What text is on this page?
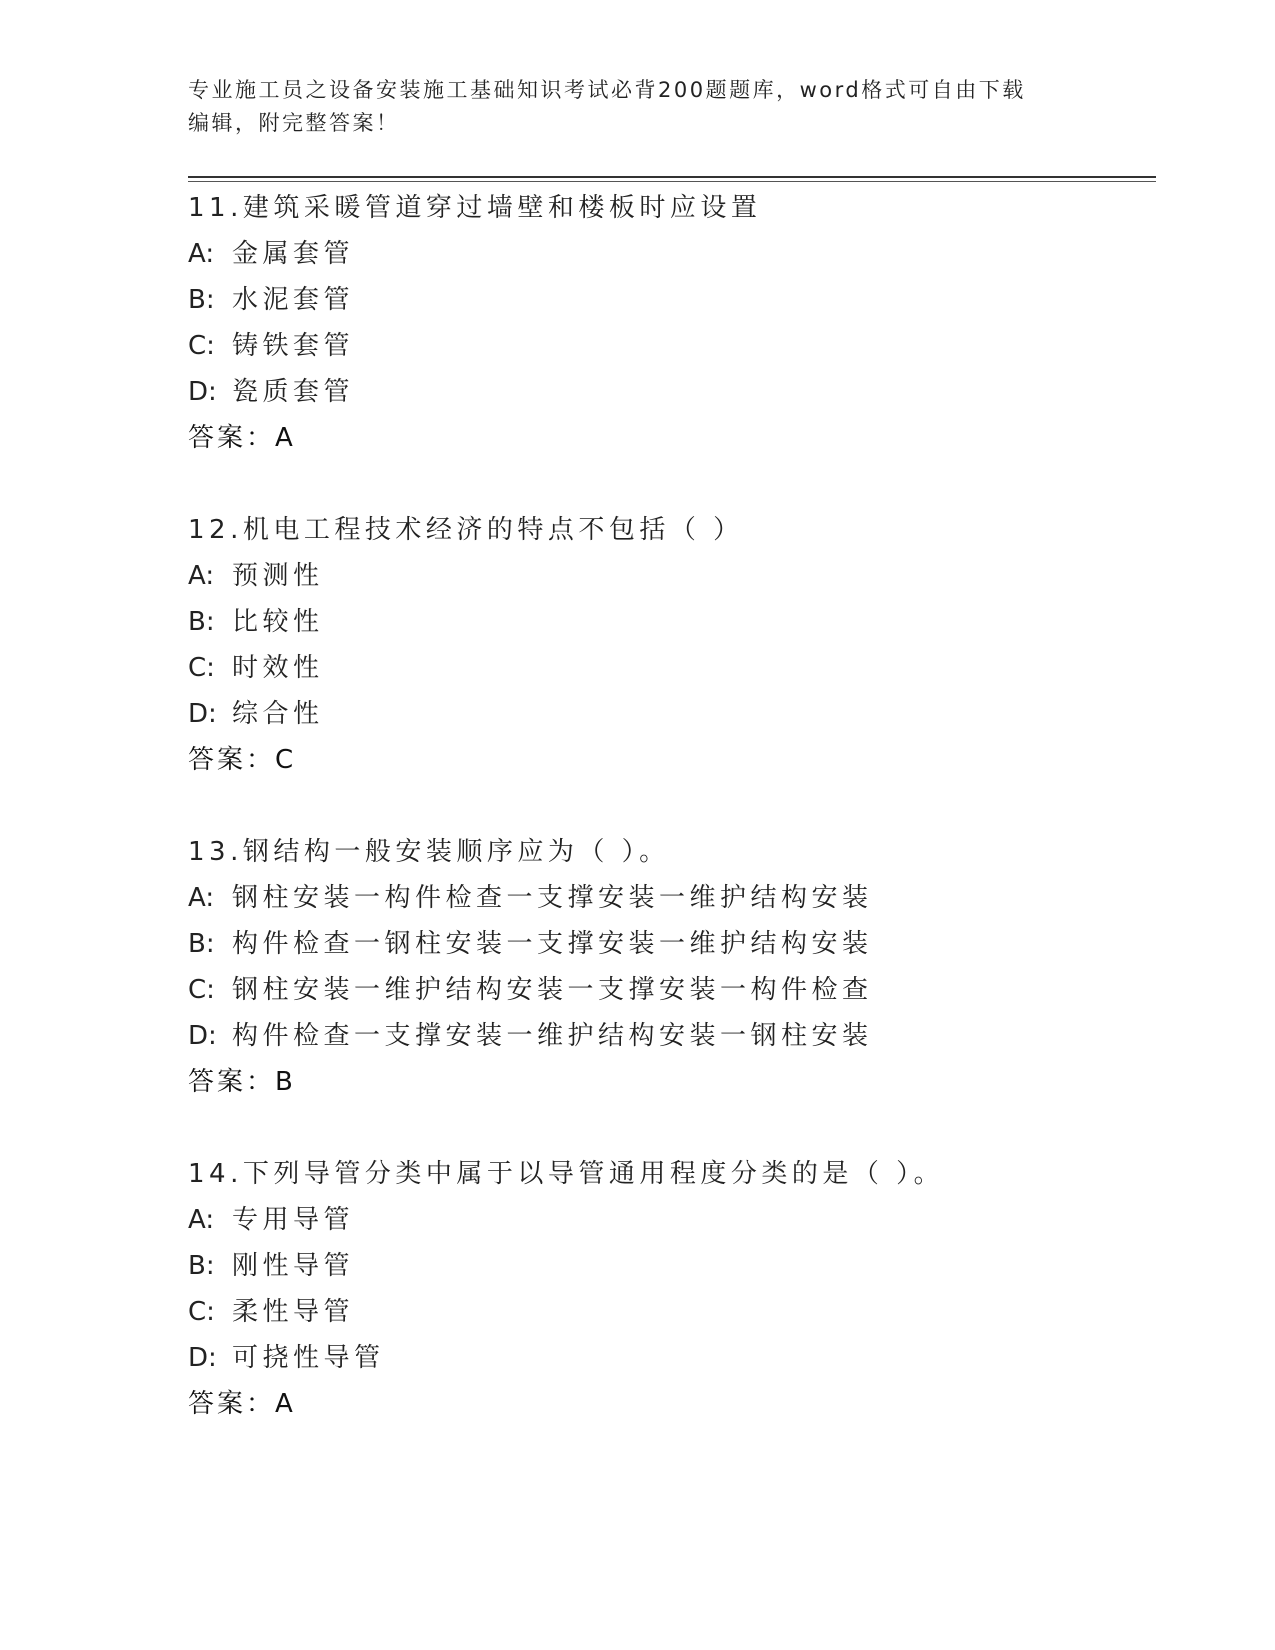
专业施工员之设备安装施工基础知识考试必背200题题库，word格式可自由下载
编辑，附完整答案！
11.建筑采暖管道穿过墙壁和楼板时应设置
A: 金属套管
B: 水泥套管
C: 铸铁套管
D: 瓷质套管
答案：A
12.机电工程技术经济的特点不包括（ ）
A: 预测性
B: 比较性
C: 时效性
D: 综合性
答案：C
13.钢结构一般安装顺序应为（ ）。
A: 钢柱安装一构件检查一支撑安装一维护结构安装
B: 构件检查一钢柱安装一支撑安装一维护结构安装
C: 钢柱安装一维护结构安装一支撑安装一构件检查
D: 构件检查一支撑安装一维护结构安装一钢柱安装
答案：B
14.下列导管分类中属于以导管通用程度分类的是（ ）。
A: 专用导管
B: 刚性导管
C: 柔性导管
D: 可挠性导管
答案：A
